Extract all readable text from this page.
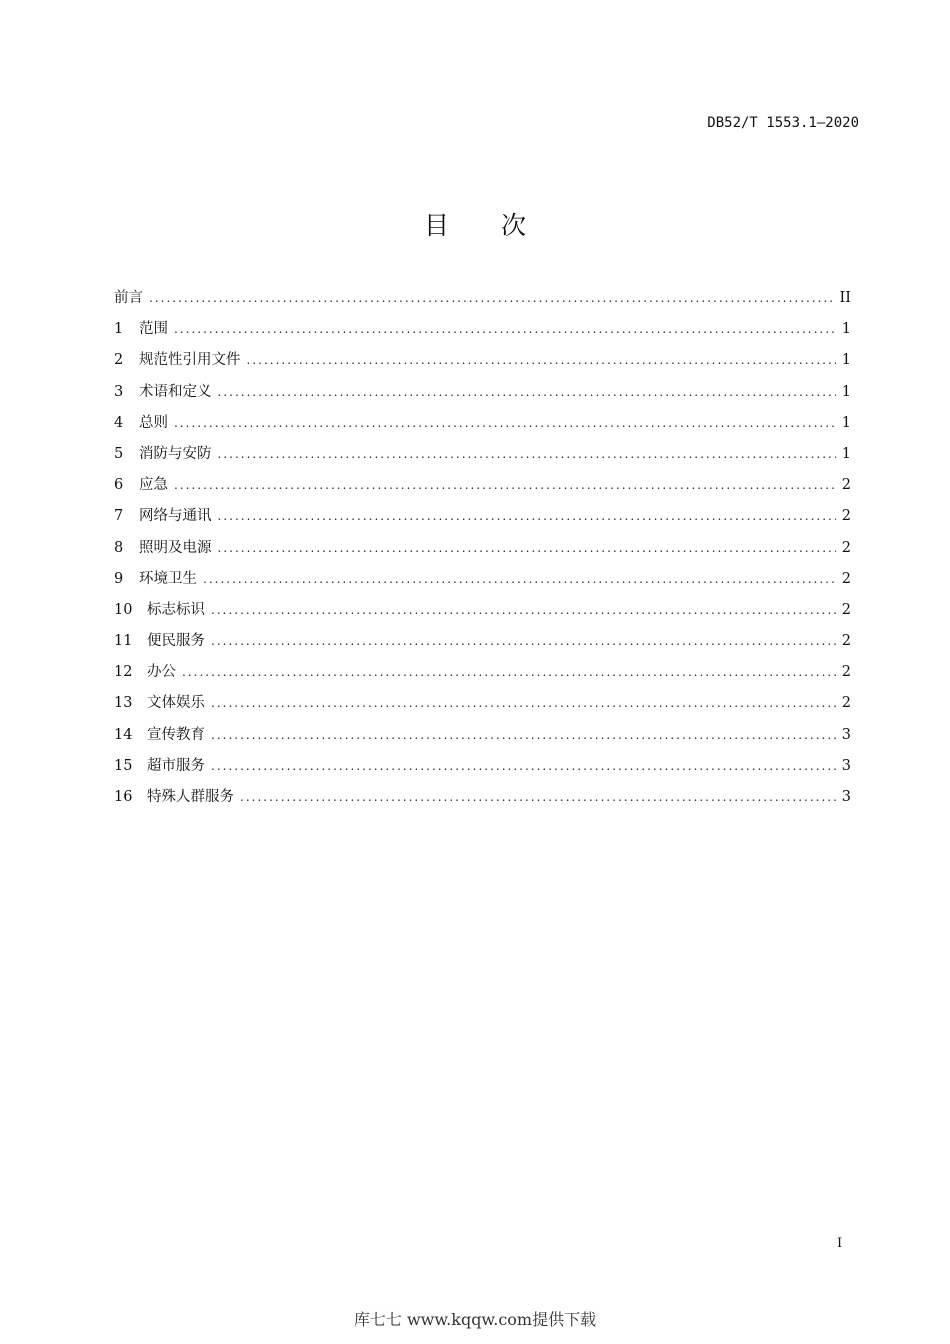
DB52/T 1553.1—2020
目 次
前言 .....	II
1	范围 .....	1
2	规范性引用文件 .....	1
3	术语和定义 .....	1
4	总则 .....	1
5	消防与安防 .....	1
6	应急 .....	2
7	网络与通讯 .....	2
8	照明及电源 .....	2
9	环境卫生 .....	2
10	标志标识 .....	2
11	便民服务 .....	2
12	办公 .....	2
13	文体娱乐 .....	2
14	宣传教育 .....	3
15	超市服务 .....	3
16	特殊人群服务 .....	3
I
库七七 www.kqqw.com提供下载
